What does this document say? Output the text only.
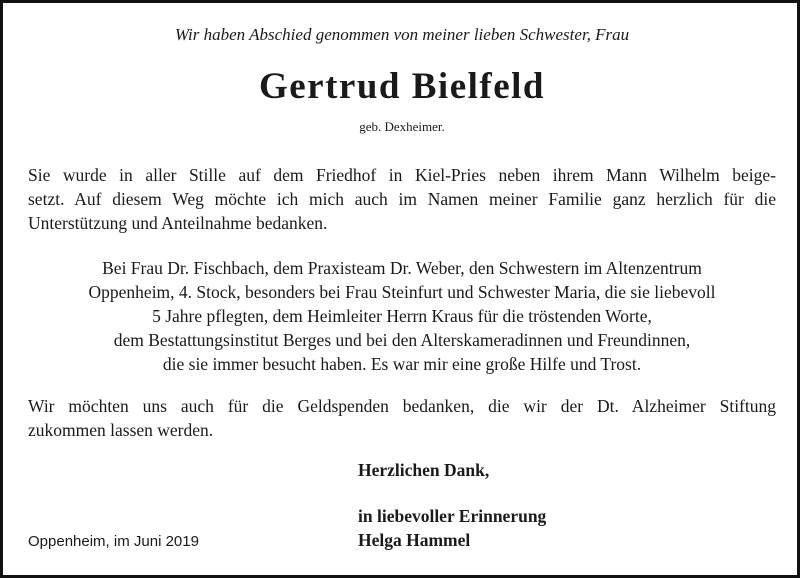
Wir haben Abschied genommen von meiner lieben Schwester, Frau
Gertrud Bielfeld
geb. Dexheimer.
Sie wurde in aller Stille auf dem Friedhof in Kiel-Pries neben ihrem Mann Wilhelm beige-
setzt. Auf diesem Weg möchte ich mich auch im Namen meiner Familie ganz herzlich für die
Unterstützung und Anteilnahme bedanken.
Bei Frau Dr. Fischbach, dem Praxisteam Dr. Weber, den Schwestern im Altenzentrum
Oppenheim, 4. Stock, besonders bei Frau Steinfurt und Schwester Maria, die sie liebevoll
5 Jahre pflegten, dem Heimleiter Herrn Kraus für die tröstenden Worte,
dem Bestattungsinstitut Berges und bei den Alterskameradinnen und Freundinnen,
die sie immer besucht haben. Es war mir eine große Hilfe und Trost.
Wir möchten uns auch für die Geldspenden bedanken, die wir der Dt. Alzheimer Stiftung
zukommen lassen werden.
Herzlichen Dank,
in liebevoller Erinnerung
Helga Hammel
Oppenheim, im Juni 2019
